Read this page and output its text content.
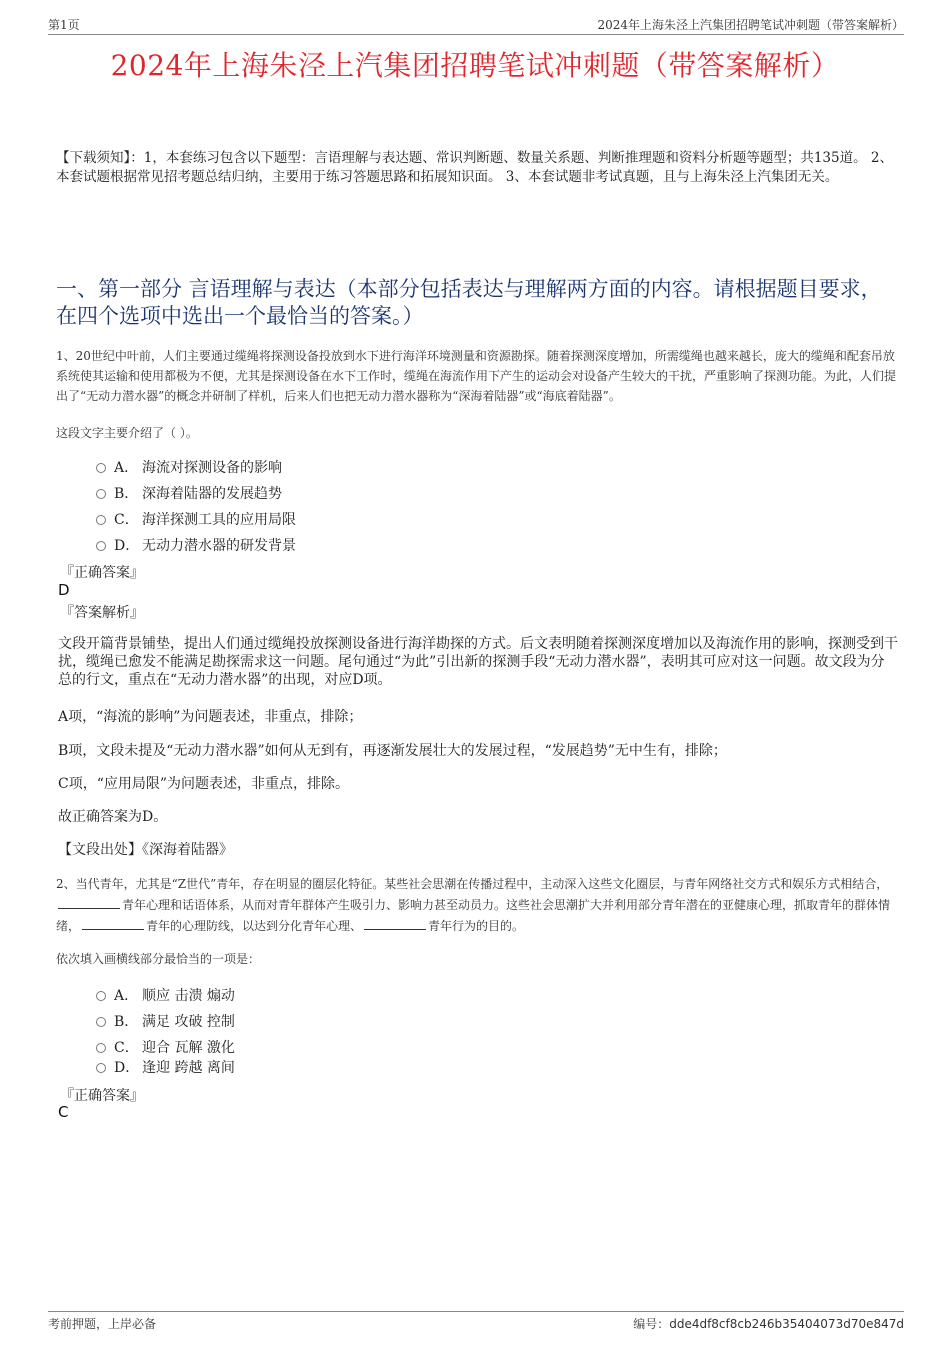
第1页	2024年上海朱泾上汽集团招聘笔试冲刺题（带答案解析）
2024年上海朱泾上汽集团招聘笔试冲刺题（带答案解析）
【下载须知】：1，本套练习包含以下题型：言语理解与表达题、常识判断题、数量关系题、判断推理题和资料分析题等题型；共135道。 2、本套试题根据常见招考题总结归纳，主要用于练习答题思路和拓展知识面。 3、本套试题非考试真题，且与上海朱泾上汽集团无关。
一、第一部分 言语理解与表达（本部分包括表达与理解两方面的内容。请根据题目要求，在四个选项中选出一个最恰当的答案。）
1、20世纪中叶前，人们主要通过缆绳将探测设备投放到水下进行海洋环境测量和资源勘探。随着探测深度增加，所需缆绳也越来越长，庞大的缆绳和配套吊放系统使其运输和使用都极为不便，尤其是探测设备在水下工作时，缆绳在海流作用下产生的运动会对设备产生较大的干扰，严重影响了探测功能。为此，人们提出了“无动力潜水器”的概念并研制了样机，后来人们也把无动力潜水器称为“深海着陆器”或“海底着陆器”。
这段文字主要介绍了（ ）。
A． 海流对探测设备的影响
B． 深海着陆器的发展趋势
C． 海洋探测工具的应用局限
D． 无动力潜水器的研发背景
『正确答案』
D
『答案解析』
文段开篇背景铺垫，提出人们通过缆绳投放探测设备进行海洋勘探的方式。后文表明随着探测深度增加以及海流作用的影响，探测受到干扰，缆绳已愈发不能满足勘探需求这一问题。尾句通过“为此”引出新的探测手段“无动力潜水器”，表明其可应对这一问题。故文段为分总的行文，重点在“无动力潜水器”的出现，对应D项。
A项，“海流的影响”为问题表述，非重点，排除；
B项，文段未提及“无动力潜水器”如何从无到有，再逐渐发展壮大的发展过程，“发展趋势”无中生有，排除；
C项，“应用局限”为问题表述，非重点，排除。
故正确答案为D。
【文段出处】《深海着陆器》
2、当代青年，尤其是“Z世代”青年，存在明显的圈层化特征。某些社会思潮在传播过程中，主动深入这些文化圈层，与青年网络社交方式和娱乐方式相结合，青年心理和话语体系，从而对青年群体产生吸引力、影响力甚至动员力。这些社会思潮扩大并利用部分青年潜在的亚健康心理，抓取青年的群体情绪，	青年的心理防线，以达到分化青年心理、	青年行为的目的。
依次填入画横线部分最恰当的一项是：
A． 顺应 击溃 煽动
B． 满足 攻破 控制
C． 迎合 瓦解 激化
D． 逢迎 跨越 离间
『正确答案』
C
考前押题，上岸必备	编号：dde4df8cf8cb246b35404073d70e847d
